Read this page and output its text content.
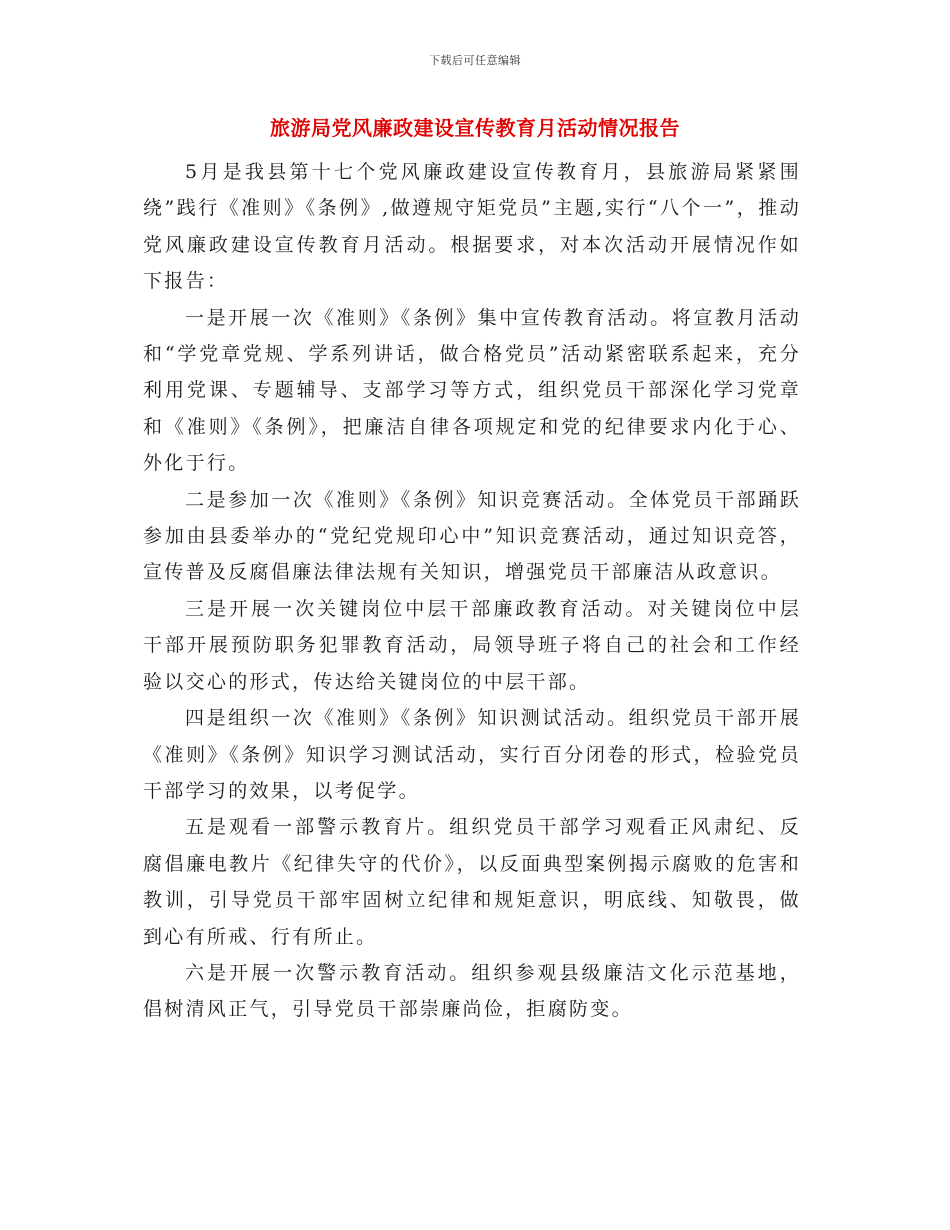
下载后可任意编辑
旅游局党风廉政建设宣传教育月活动情况报告

5月是我县第十七个党风廉政建设宣传教育月，县旅游局紧紧围绕”践行《准则》《条例》,做遵规守矩党员”主题,实行“八个一”，推动党风廉政建设宣传教育月活动。根据要求，对本次活动开展情况作如下报告：

一是开展一次《准则》《条例》集中宣传教育活动。将宣教月活动和“学党章党规、学系列讲话，做合格党员”活动紧密联系起来，充分利用党课、专题辅导、支部学习等方式，组织党员干部深化学习党章和《准则》《条例》，把廉洁自律各项规定和党的纪律要求内化于心、外化于行。

二是参加一次《准则》《条例》知识竞赛活动。全体党员干部踊跃参加由县委举办的“党纪党规印心中”知识竞赛活动，通过知识竞答，宣传普及反腐倡廉法律法规有关知识，增强党员干部廉洁从政意识。

三是开展一次关键岗位中层干部廉政教育活动。对关键岗位中层干部开展预防职务犯罪教育活动，局领导班子将自己的社会和工作经验以交心的形式，传达给关键岗位的中层干部。

四是组织一次《准则》《条例》知识测试活动。组织党员干部开展《准则》《条例》知识学习测试活动，实行百分闭卷的形式，检验党员干部学习的效果，以考促学。

五是观看一部警示教育片。组织党员干部学习观看正风肃纪、反腐倡廉电教片《纪律失守的代价》，以反面典型案例揭示腐败的危害和教训，引导党员干部牢固树立纪律和规矩意识，明底线、知敬畏，做到心有所戒、行有所止。

六是开展一次警示教育活动。组织参观县级廉洁文化示范基地，倡树清风正气，引导党员干部崇廉尚俭，拒腐防变。
